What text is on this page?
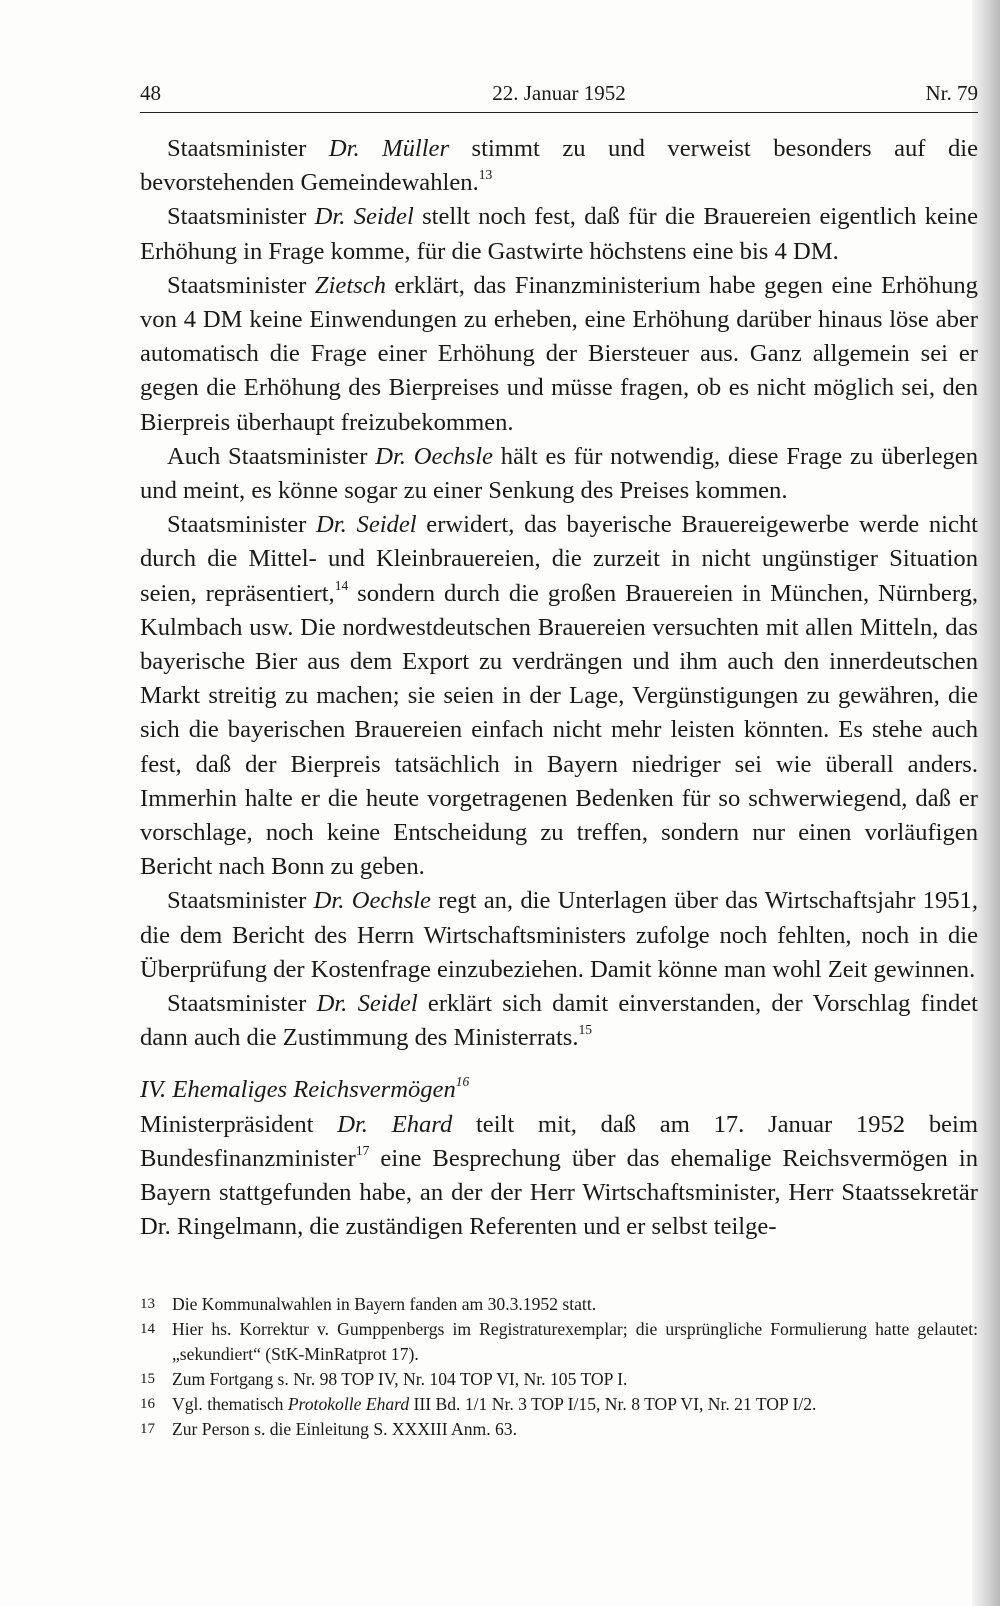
48	22. Januar 1952	Nr. 79

Staatsminister Dr. Müller stimmt zu und verweist besonders auf die bevorstehenden Gemeindewahlen.$^{13}$

Staatsminister Dr. Seidel stellt noch fest, daß für die Brauereien eigentlich keine Erhöhung in Frage komme, für die Gastwirte höchstens eine bis 4 DM.

Staatsminister Zietsch erklärt, das Finanzministerium habe gegen eine Erhöhung von 4 DM keine Einwendungen zu erheben, eine Erhöhung darüber hinaus löse aber automatisch die Frage einer Erhöhung der Biersteuer aus. Ganz allgemein sei er gegen die Erhöhung des Bierpreises und müsse fragen, ob es nicht möglich sei, den Bierpreis überhaupt freizubekommen.

Auch Staatsminister Dr. Oechsle hält es für notwendig, diese Frage zu überlegen und meint, es könne sogar zu einer Senkung des Preises kommen.

Staatsminister Dr. Seidel erwidert, das bayerische Brauereigewerbe werde nicht durch die Mittel- und Kleinbrauereien, die zurzeit in nicht ungünstiger Situation seien, repräsentiert,$^{14}$ sondern durch die großen Brauereien in München, Nürnberg, Kulmbach usw. Die nordwestdeutschen Brauereien versuchten mit allen Mitteln, das bayerische Bier aus dem Export zu verdrängen und ihm auch den innerdeutschen Markt streitig zu machen; sie seien in der Lage, Vergünstigungen zu gewähren, die sich die bayerischen Brauereien einfach nicht mehr leisten könnten. Es stehe auch fest, daß der Bierpreis tatsächlich in Bayern niedriger sei wie überall anders. Immerhin halte er die heute vorgetragenen Bedenken für so schwerwiegend, daß er vorschlage, noch keine Entscheidung zu treffen, sondern nur einen vorläufigen Bericht nach Bonn zu geben.

Staatsminister Dr. Oechsle regt an, die Unterlagen über das Wirtschaftsjahr 1951, die dem Bericht des Herrn Wirtschaftsministers zufolge noch fehlten, noch in die Überprüfung der Kostenfrage einzubeziehen. Damit könne man wohl Zeit gewinnen.

Staatsminister Dr. Seidel erklärt sich damit einverstanden, der Vorschlag findet dann auch die Zustimmung des Ministerrats.$^{15}$

IV. Ehemaliges Reichsvermögen$^{16}$

Ministerpräsident Dr. Ehard teilt mit, daß am 17. Januar 1952 beim Bundesfinanzminister$^{17}$ eine Besprechung über das ehemalige Reichsvermögen in Bayern stattgefunden habe, an der der Herr Wirtschaftsminister, Herr Staatssekretär Dr. Ringelmann, die zuständigen Referenten und er selbst teilge-

13 Die Kommunalwahlen in Bayern fanden am 30.3.1952 statt.
14 Hier hs. Korrektur v. Gumppenbergs im Registraturexemplar; die ursprüngliche Formulierung hatte gelautet: „sekundiert“ (StK-MinRatprot 17).
15 Zum Fortgang s. Nr. 98 TOP IV, Nr. 104 TOP VI, Nr. 105 TOP I.
16 Vgl. thematisch Protokolle Ehard III Bd. 1/1 Nr. 3 TOP I/15, Nr. 8 TOP VI, Nr. 21 TOP I/2.
17 Zur Person s. die Einleitung S. XXXIII Anm. 63.
